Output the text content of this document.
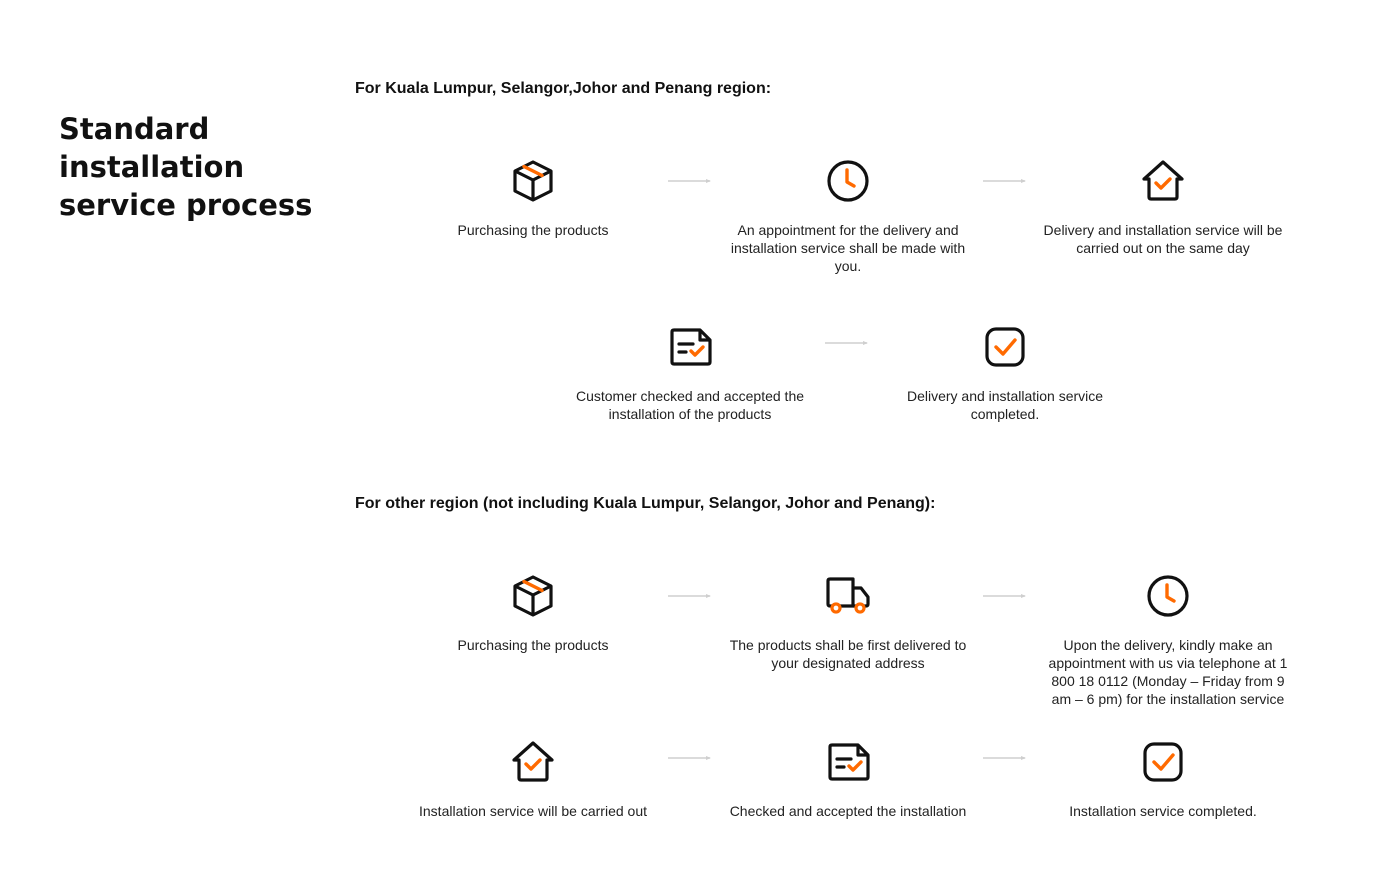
Standard installation service process
For Kuala Lumpur, Selangor,Johor and Penang region:
Purchasing the products	An appointment for the delivery and installation service shall be made with you.
Delivery and installation service will be carried out on the same day
Customer checked and accepted the installation of the products
Delivery and installation service completed.
For other region (not including Kuala Lumpur, Selangor, Johor and Penang):
Purchasing the products	The products shall be first delivered to your designated address
Upon the delivery, kindly make an appointment with us via telephone at 1 800 18 0112 (Monday – Friday from 9 am – 6 pm) for the installation service
Installation service will be carried out	Checked and accepted the installation	Installation service completed.
